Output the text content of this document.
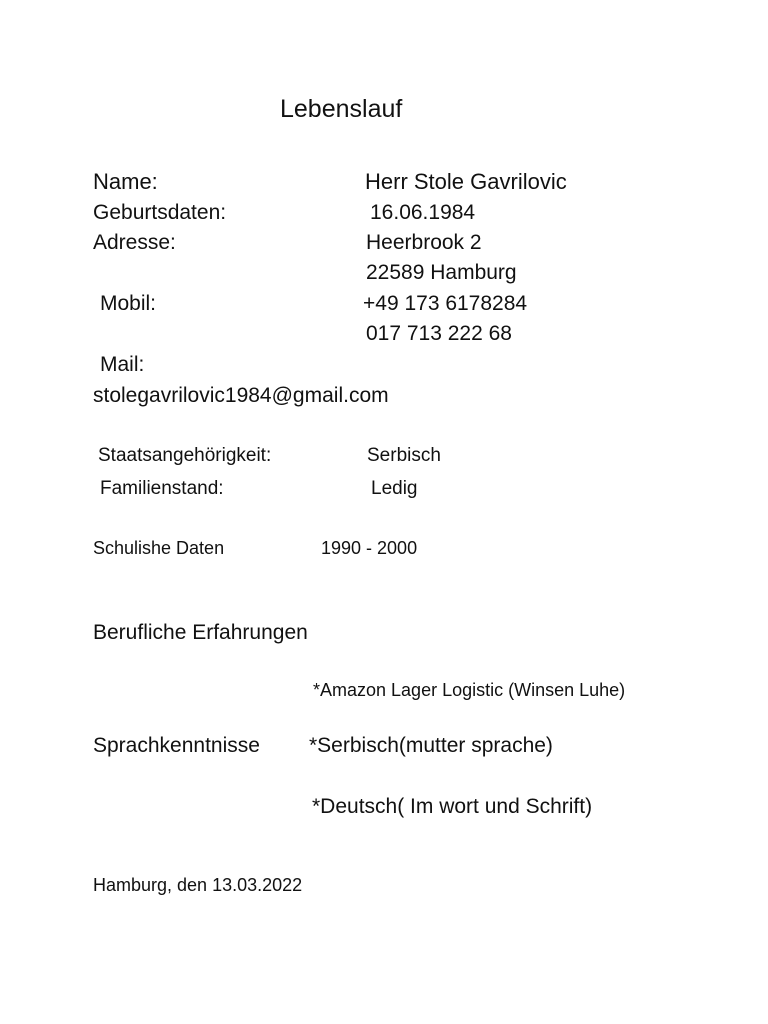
Lebenslauf
Name:	Herr Stole Gavrilovic
Geburtsdaten:	16.06.1984
Adresse:	Heerbrook 2
22589 Hamburg
Mobil:	+49 173 6178284
017 713 222 68
Mail:
stolegavrilovic1984@gmail.com
Staatsangehörigkeit:	Serbisch
Familienstand:	Ledig
Schulishe Daten	1990 - 2000
Berufliche Erfahrungen
*Amazon Lager Logistic (Winsen Luhe)
Sprachkenntnisse *Serbisch(mutter sprache)
*Deutsch( Im wort und Schrift)
Hamburg, den 13.03.2022
